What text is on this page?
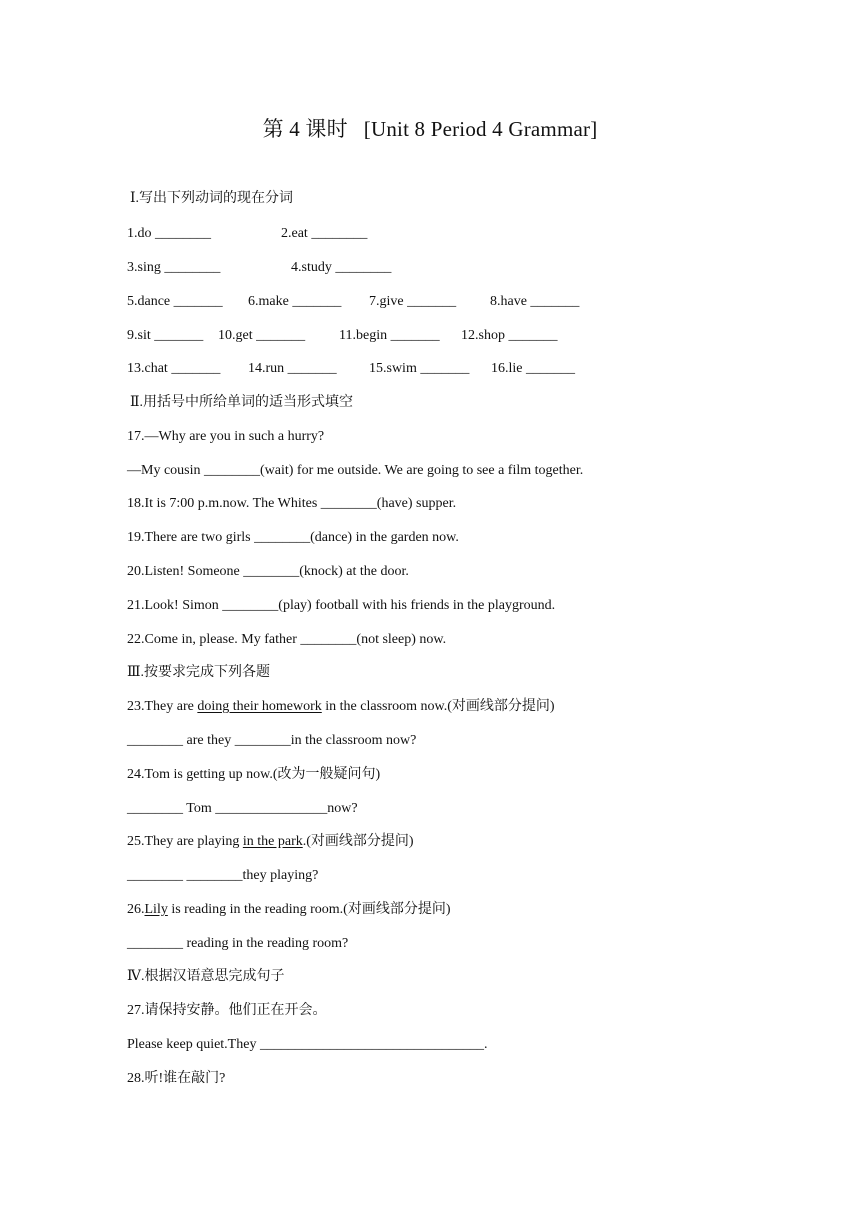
第 4 课时 [Unit 8 Period 4 Grammar]
Ⅰ.写出下列动词的现在分词
1.do ________	2.eat ________
3.sing ________	4.study ________
5.dance _______ 6.make _______ 7.give _______ 8.have _______
9.sit _______ 10.get _______ 11.begin _______ 12.shop _______
13.chat _______ 14.run _______ 15.swim _______ 16.lie _______
Ⅱ.用括号中所给单词的适当形式填空
17.—Why are you in such a hurry?
—My cousin ________(wait) for me outside. We are going to see a film together.
18.It is 7:00 p.m.now. The Whites ________(have) supper.
19.There are two girls ________(dance) in the garden now.
20.Listen! Someone ________(knock) at the door.
21.Look! Simon ________(play) football with his friends in the playground.
22.Come in, please. My father ________(not sleep) now.
Ⅲ.按要求完成下列各题
23.They are doing their homework in the classroom now.(对画线部分提问)
________ are they ________in the classroom now?
24.Tom is getting up now.(改为一般疑问句)
________ Tom ________________now?
25.They are playing in the park.(对画线部分提问)
________ ________they playing?
26.Lily is reading in the reading room.(对画线部分提问)
________ reading in the reading room?
Ⅳ.根据汉语意思完成句子
27.请保持安静。他们正在开会。
Please keep quiet.They ________________________________.
28.听!谁在敲门?
